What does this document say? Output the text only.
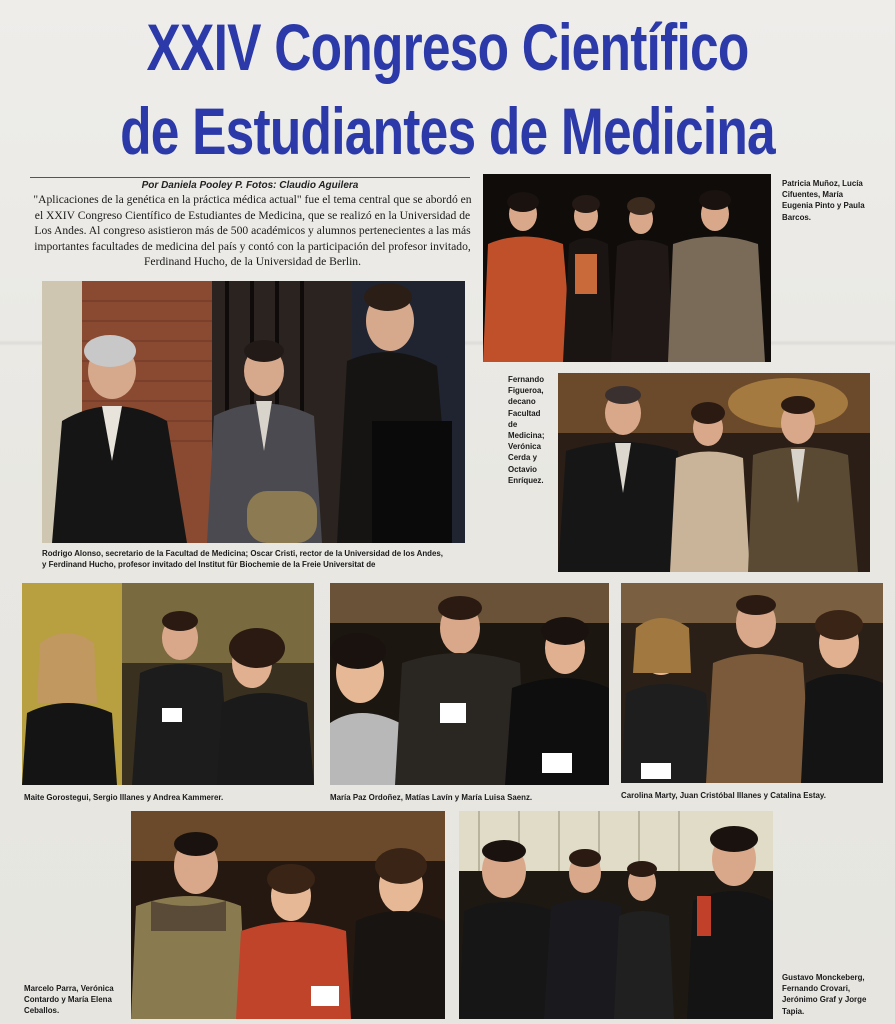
XXIV Congreso Científico
de Estudiantes de Medicina
Por Daniela Pooley P. Fotos: Claudio Aguilera
"Aplicaciones de la genética en la práctica médica actual" fue el tema central que se abordó en el XXIV Congreso Científico de Estudiantes de Medicina, que se realizó en la Universidad de Los Andes. Al congreso asistieron más de 500 académicos y alumnos pertenecientes a las más importantes facultades de medicina del país y contó con la participación del profesor invitado, Ferdinand Hucho, de la Universidad de Berlin.
Rodrigo Alonso, secretario de la Facultad de Medicina; Oscar Cristi, rector de la Universidad de los Andes, y Ferdinand Hucho, profesor invitado del Institut für Biochemie de la Freie Universitat de
Patricia Muñoz, Lucía Cifuentes, María Eugenia Pinto y Paula Barcos.
Fernando Figueroa, decano Facultad de Medicina; Verónica Cerda y Octavio Enríquez.
Maite Gorostegui, Sergio Illanes y Andrea Kammerer.	María Paz Ordoñez, Matías Lavín y María Luisa Saenz.	Carolina Marty, Juan Cristóbal Illanes y Catalina Estay.
Marcelo Parra, Verónica Contardo y María Elena Ceballos.
Gustavo Monckeberg, Fernando Crovari, Jerónimo Graf y Jorge Tapia.
